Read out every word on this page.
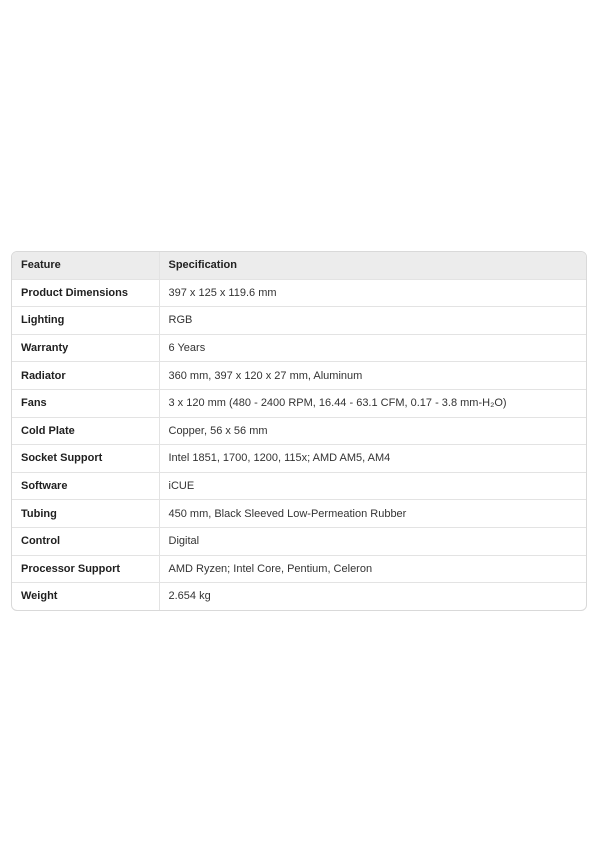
Feature	Specification
Product Dimensions	397 x 125 x 119.6 mm
Lighting	RGB
Warranty	6 Years
Radiator	360 mm, 397 x 120 x 27 mm, Aluminum
Fans	3 x 120 mm (480 - 2400 RPM, 16.44 - 63.1 CFM, 0.17 - 3.8 mm-H₂O)
Cold Plate	Copper, 56 x 56 mm
Socket Support	Intel 1851, 1700, 1200, 115x; AMD AM5, AM4
Software	iCUE
Tubing	450 mm, Black Sleeved Low-Permeation Rubber
Control	Digital
Processor Support	AMD Ryzen; Intel Core, Pentium, Celeron
Weight	2.654 kg
